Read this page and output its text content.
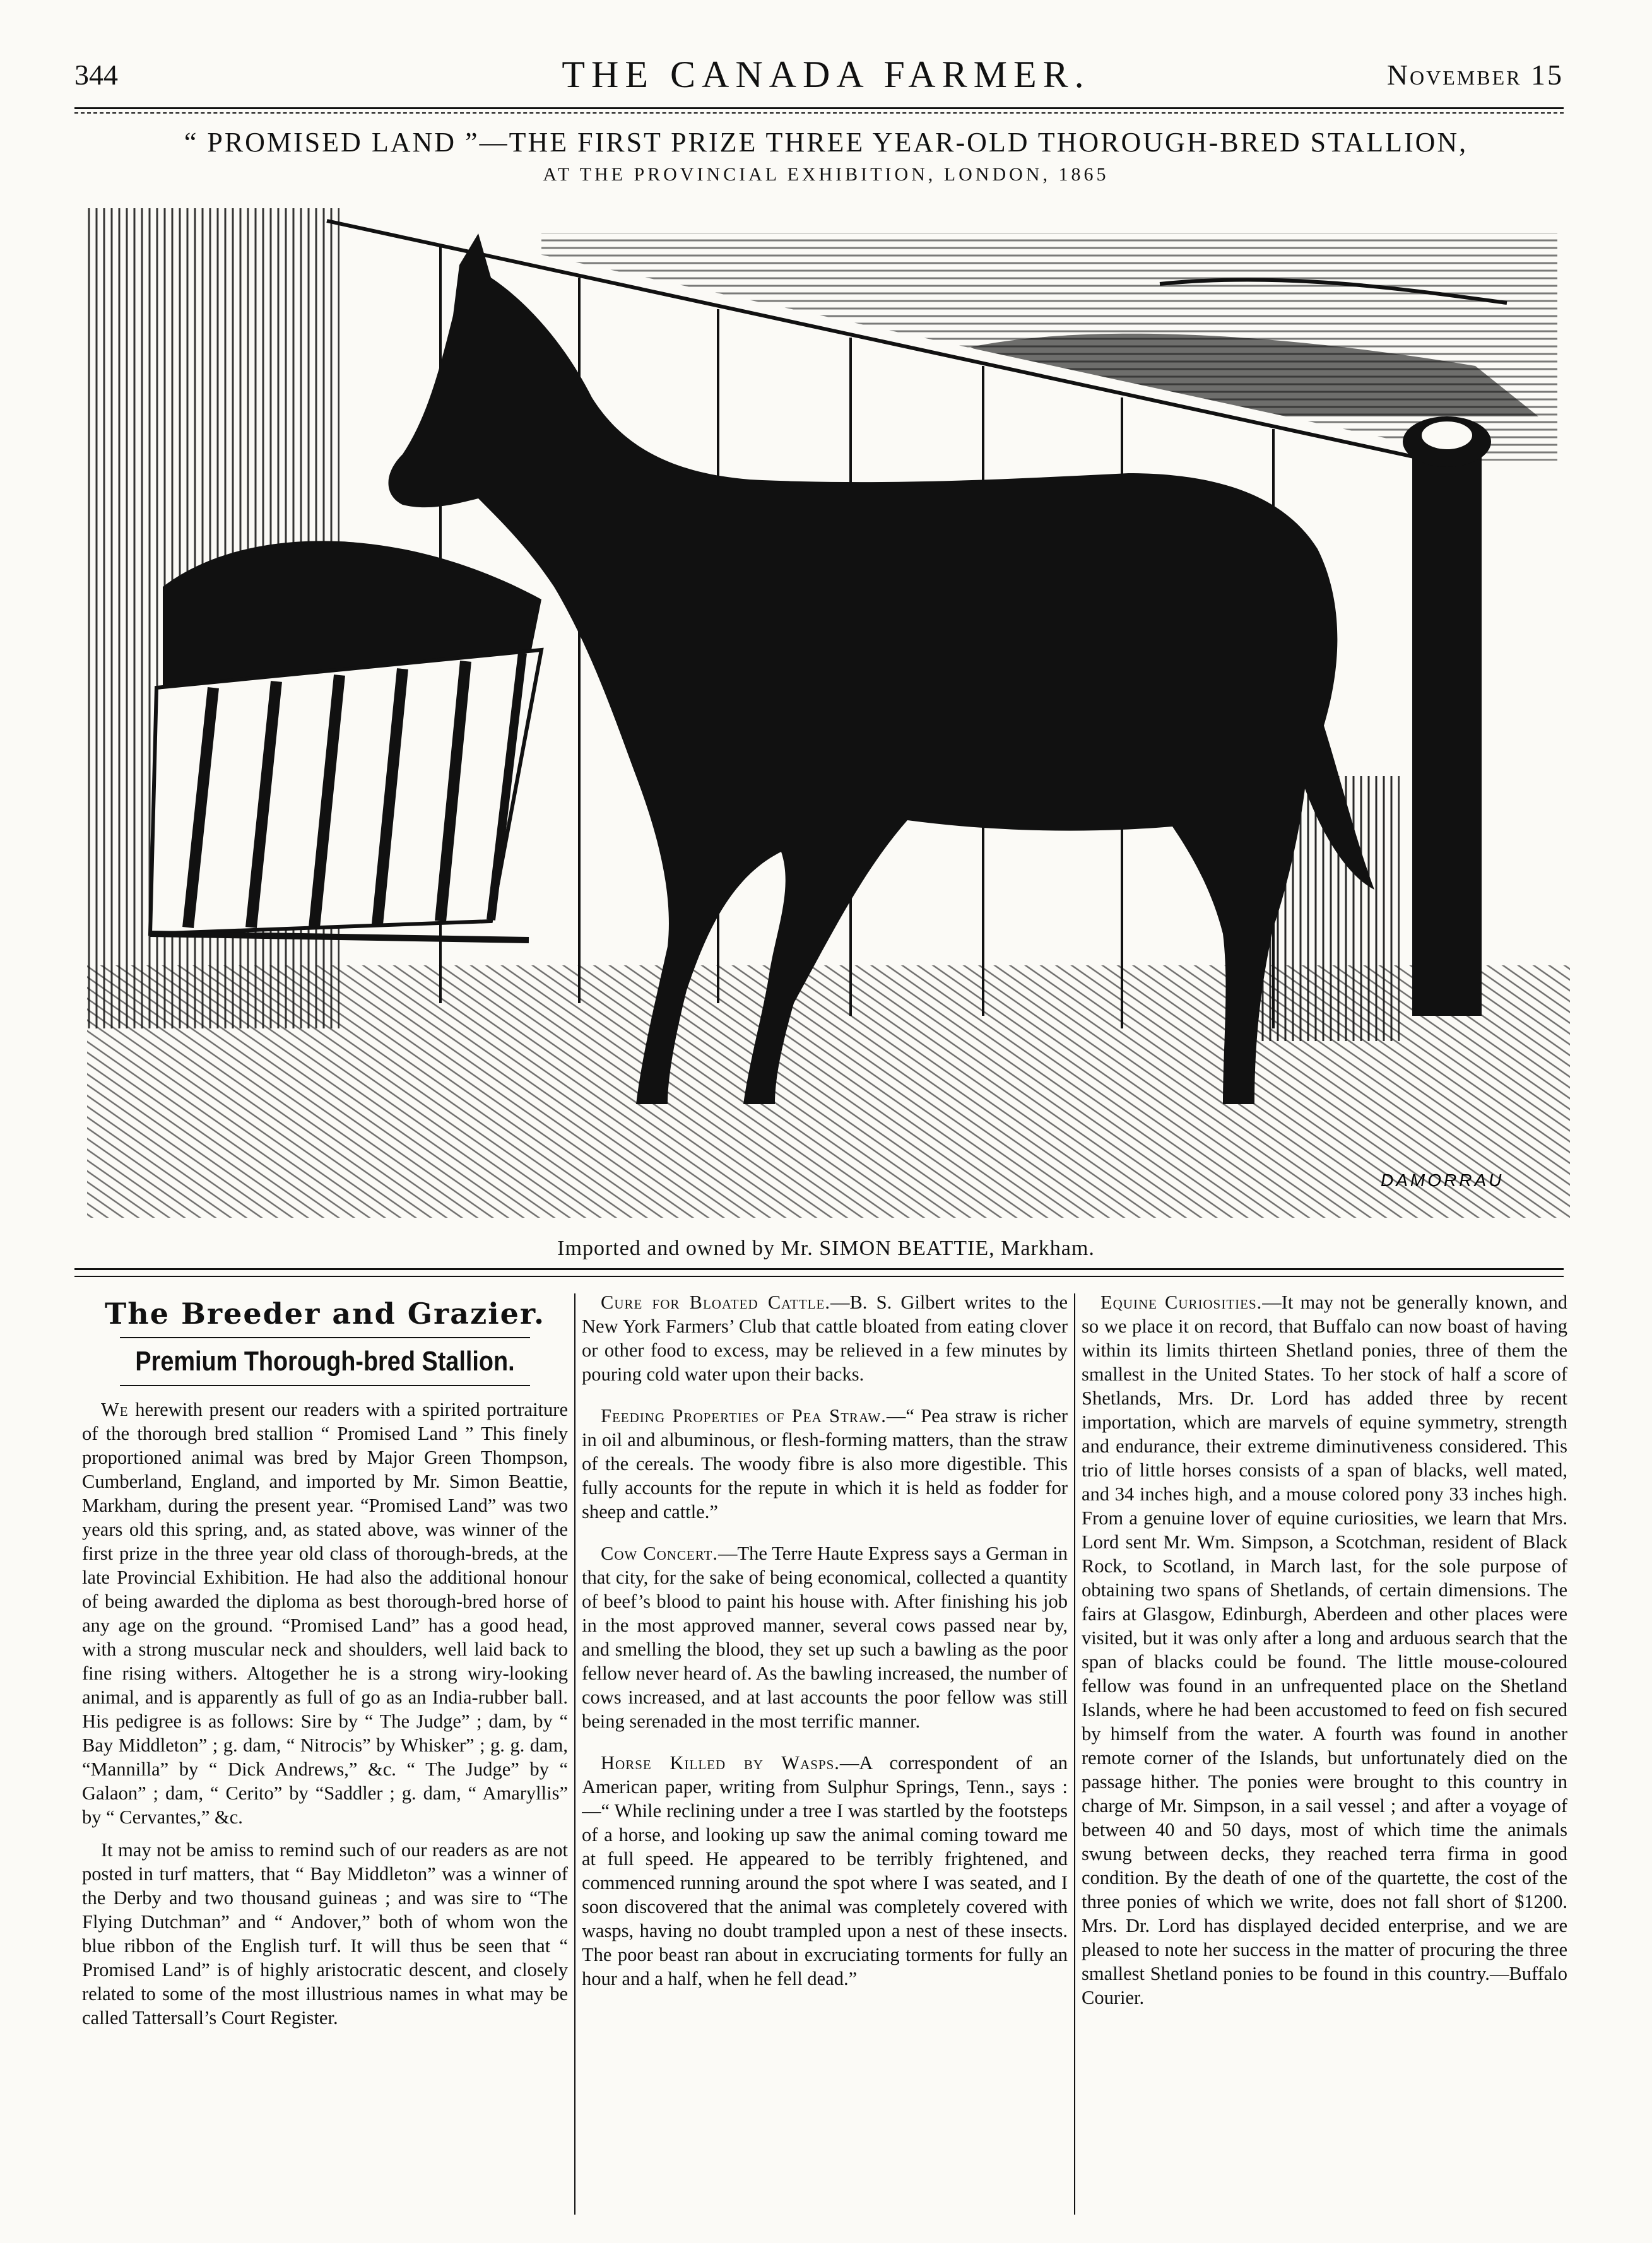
344	THE CANADA FARMER.	November 15
“ PROMISED LAND ”—THE FIRST PRIZE THREE YEAR-OLD THOROUGH-BRED STALLION,
AT THE PROVINCIAL EXHIBITION, LONDON, 1865
DAMORRAU
Imported and owned by Mr. SIMON BEATTIE, Markham.
The Breeder and Grazier.
Premium Thorough-bred Stallion.

We herewith present our readers with a spirited portraiture of the thorough bred stallion “ Promised Land ” This finely proportioned animal was bred by Major Green Thompson, Cumberland, England, and imported by Mr. Simon Beattie, Markham, during the present year. “Promised Land” was two years old this spring, and, as stated above, was winner of the first prize in the three year old class of thorough-breds, at the late Provincial Exhibition. He had also the additional honour of being awarded the diploma as best thorough-bred horse of any age on the ground. “Promised Land” has a good head, with a strong muscular neck and shoulders, well laid back to fine rising withers. Altogether he is a strong wiry-looking animal, and is apparently as full of go as an India-rubber ball. His pedigree is as follows: Sire by “ The Judge” ; dam, by “ Bay Middleton” ; g. dam, “ Nitrocis” by Whisker” ; g. g. dam, “Mannilla” by “ Dick Andrews,” &c. “ The Judge” by “ Galaon” ; dam, “ Cerito” by “Saddler ; g. dam, “ Amaryllis” by “ Cervantes,” &c.

It may not be amiss to remind such of our readers as are not posted in turf matters, that “ Bay Middleton” was a winner of the Derby and two thousand guineas ; and was sire to “The Flying Dutchman” and “ Andover,” both of whom won the blue ribbon of the English turf. It will thus be seen that “ Promised Land” is of highly aristocratic descent, and closely related to some of the most illustrious names in what may be called Tattersall’s Court Register.

Cure for Bloated Cattle.—B. S. Gilbert writes to the New York Farmers’ Club that cattle bloated from eating clover or other food to excess, may be relieved in a few minutes by pouring cold water upon their backs.

Feeding Properties of Pea Straw.—“ Pea straw is richer in oil and albuminous, or flesh-forming matters, than the straw of the cereals. The woody fibre is also more digestible. This fully accounts for the repute in which it is held as fodder for sheep and cattle.”

Cow Concert.—The Terre Haute Express says a German in that city, for the sake of being economical, collected a quantity of beef’s blood to paint his house with. After finishing his job in the most approved manner, several cows passed near by, and smelling the blood, they set up such a bawling as the poor fellow never heard of. As the bawling increased, the number of cows increased, and at last accounts the poor fellow was still being serenaded in the most terrific manner.

Horse Killed by Wasps.—A correspondent of an American paper, writing from Sulphur Springs, Tenn., says :—“ While reclining under a tree I was startled by the footsteps of a horse, and looking up saw the animal coming toward me at full speed. He appeared to be terribly frightened, and commenced running around the spot where I was seated, and I soon discovered that the animal was completely covered with wasps, having no doubt trampled upon a nest of these insects. The poor beast ran about in excruciating torments for fully an hour and a half, when he fell dead.”

Equine Curiosities.—It may not be generally known, and so we place it on record, that Buffalo can now boast of having within its limits thirteen Shetland ponies, three of them the smallest in the United States. To her stock of half a score of Shetlands, Mrs. Dr. Lord has added three by recent importation, which are marvels of equine symmetry, strength and endurance, their extreme diminutiveness considered. This trio of little horses consists of a span of blacks, well mated, and 34 inches high, and a mouse colored pony 33 inches high. From a genuine lover of equine curiosities, we learn that Mrs. Lord sent Mr. Wm. Simpson, a Scotchman, resident of Black Rock, to Scotland, in March last, for the sole purpose of obtaining two spans of Shetlands, of certain dimensions. The fairs at Glasgow, Edinburgh, Aberdeen and other places were visited, but it was only after a long and arduous search that the span of blacks could be found. The little mouse-coloured fellow was found in an unfrequented place on the Shetland Islands, where he had been accustomed to feed on fish secured by himself from the water. A fourth was found in another remote corner of the Islands, but unfortunately died on the passage hither. The ponies were brought to this country in charge of Mr. Simpson, in a sail vessel ; and after a voyage of between 40 and 50 days, most of which time the animals swung between decks, they reached terra firma in good condition. By the death of one of the quartette, the cost of the three ponies of which we write, does not fall short of $1200. Mrs. Dr. Lord has displayed decided enterprise, and we are pleased to note her success in the matter of procuring the three smallest Shetland ponies to be found in this country.—Buffalo Courier.
